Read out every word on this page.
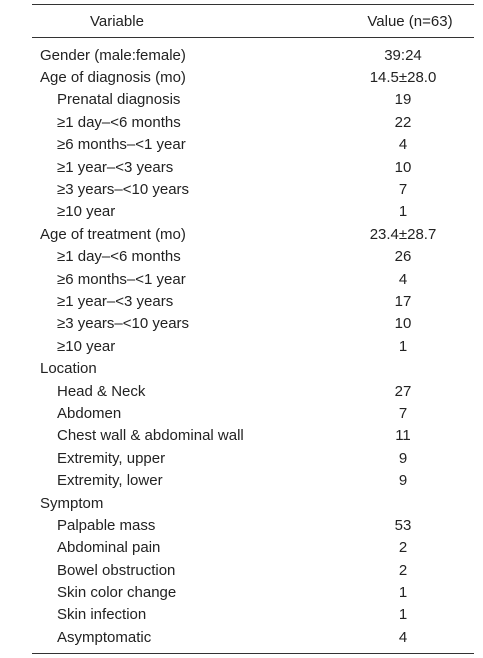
Variable	Value (n=63)
Gender (male:female)	39:24
Age of diagnosis (mo)	14.5±28.0
Prenatal diagnosis	19
≥1 day–<6 months	22
≥6 months–<1 year	4
≥1 year–<3 years	10
≥3 years–<10 years	7
≥10 year	1
Age of treatment (mo)	23.4±28.7
≥1 day–<6 months	26
≥6 months–<1 year	4
≥1 year–<3 years	17
≥3 years–<10 years	10
≥10 year	1
Location
Head & Neck	27
Abdomen	7
Chest wall & abdominal wall	11
Extremity, upper	9
Extremity, lower	9
Symptom
Palpable mass	53
Abdominal pain	2
Bowel obstruction	2
Skin color change	1
Skin infection	1
Asymptomatic	4
